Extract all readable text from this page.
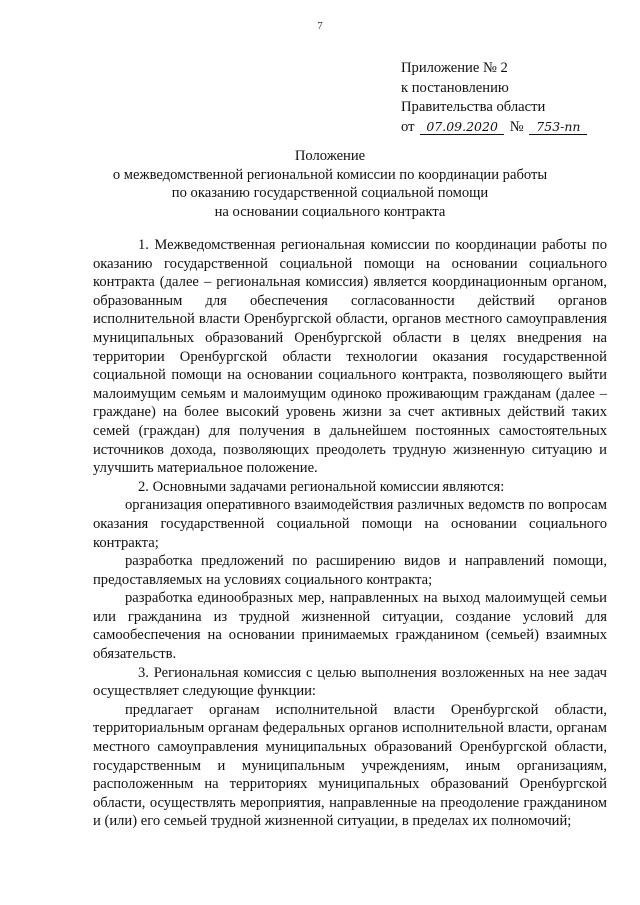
7
Приложение № 2
к постановлению
Правительства области
от 07.09.2020 № 753-пп
Положение
о межведомственной региональной комиссии по координации работы
по оказанию государственной социальной помощи
на основании социального контракта

1. Межведомственная региональная комиссии по координации работы по оказанию государственной социальной помощи на основании социального контракта (далее – региональная комиссия) является координационным органом, образованным для обеспечения согласованности действий органов исполнительной власти Оренбургской области, органов местного самоуправления муниципальных образований Оренбургской области в целях внедрения на территории Оренбургской области технологии оказания государственной социальной помощи на основании социального контракта, позволяющего выйти малоимущим семьям и малоимущим одиноко проживающим гражданам (далее – граждане) на более высокий уровень жизни за счет активных действий таких семей (граждан) для получения в дальнейшем постоянных самостоятельных источников дохода, позволяющих преодолеть трудную жизненную ситуацию и улучшить материальное положение.

2. Основными задачами региональной комиссии являются:

организация оперативного взаимодействия различных ведомств по вопросам оказания государственной социальной помощи на основании социального контракта;

разработка предложений по расширению видов и направлений помощи, предоставляемых на условиях социального контракта;

разработка единообразных мер, направленных на выход малоимущей семьи или гражданина из трудной жизненной ситуации, создание условий для самообеспечения на основании принимаемых гражданином (семьей) взаимных обязательств.

3. Региональная комиссия с целью выполнения возложенных на нее задач осуществляет следующие функции:

предлагает органам исполнительной власти Оренбургской области, территориальным органам федеральных органов исполнительной власти, органам местного самоуправления муниципальных образований Оренбургской области, государственным и муниципальным учреждениям, иным организациям, расположенным на территориях муниципальных образований Оренбургской области, осуществлять мероприятия, направленные на преодоление гражданином и (или) его семьей трудной жизненной ситуации, в пределах их полномочий;
